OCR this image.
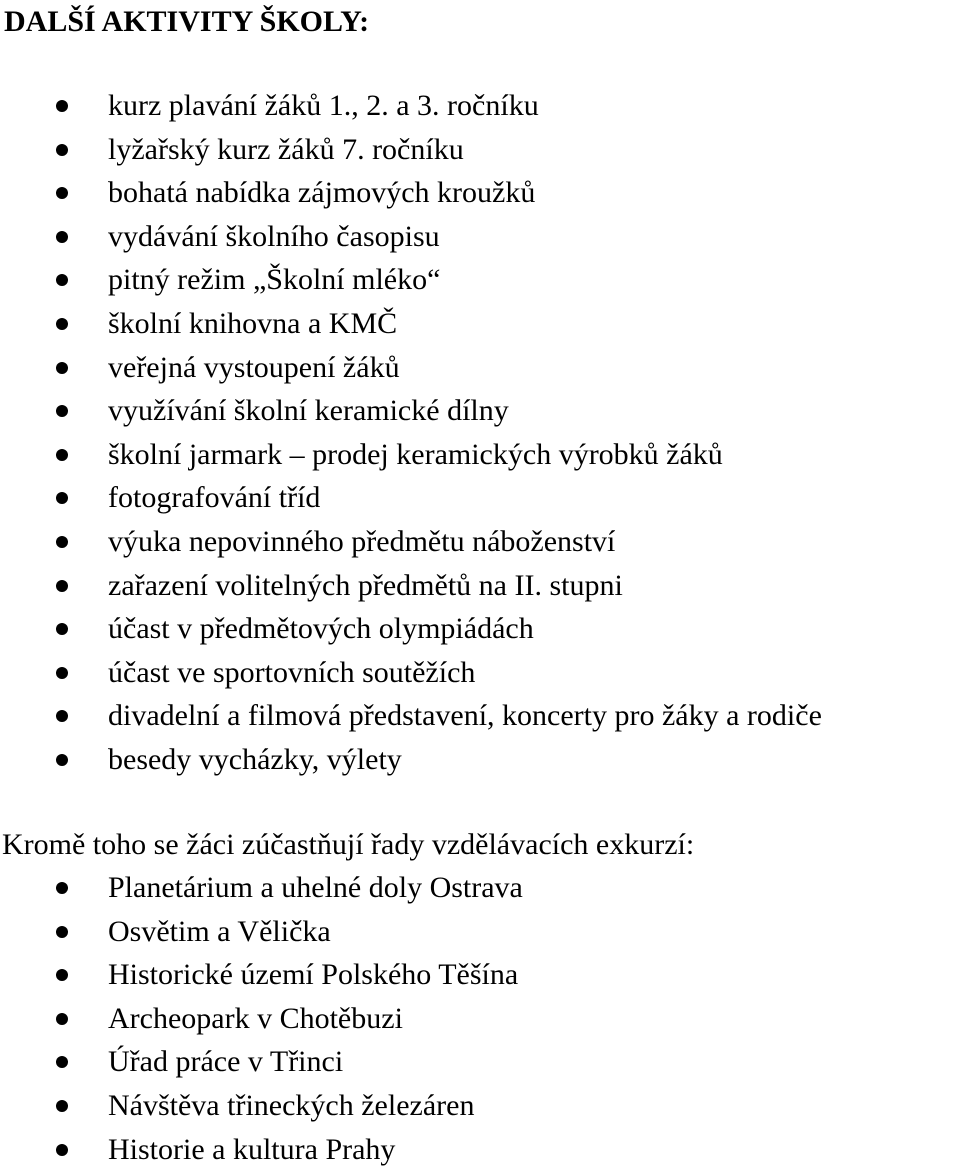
DALŠÍ AKTIVITY ŠKOLY:
kurz plavání žáků 1., 2. a 3. ročníku
lyžařský kurz žáků 7. ročníku
bohatá nabídka zájmových kroužků
vydávání školního časopisu
pitný režim „Školní mléko“
školní knihovna a KMČ
veřejná vystoupení žáků
využívání školní keramické dílny
školní jarmark – prodej keramických výrobků žáků
fotografování tříd
výuka nepovinného předmětu náboženství
zařazení volitelných předmětů na II. stupni
účast v předmětových olympiádách
účast ve sportovních soutěžích
divadelní a filmová představení, koncerty pro žáky a rodiče
besedy vycházky, výlety

Kromě toho se žáci zúčastňují řady vzdělávacích exkurzí:

Planetárium a uhelné doly Ostrava
Osvětim a Vělička
Historické území Polského Těšína
Archeopark v Chotěbuzi
Úřad práce v Třinci
Návštěva třineckých železáren
Historie a kultura Prahy
